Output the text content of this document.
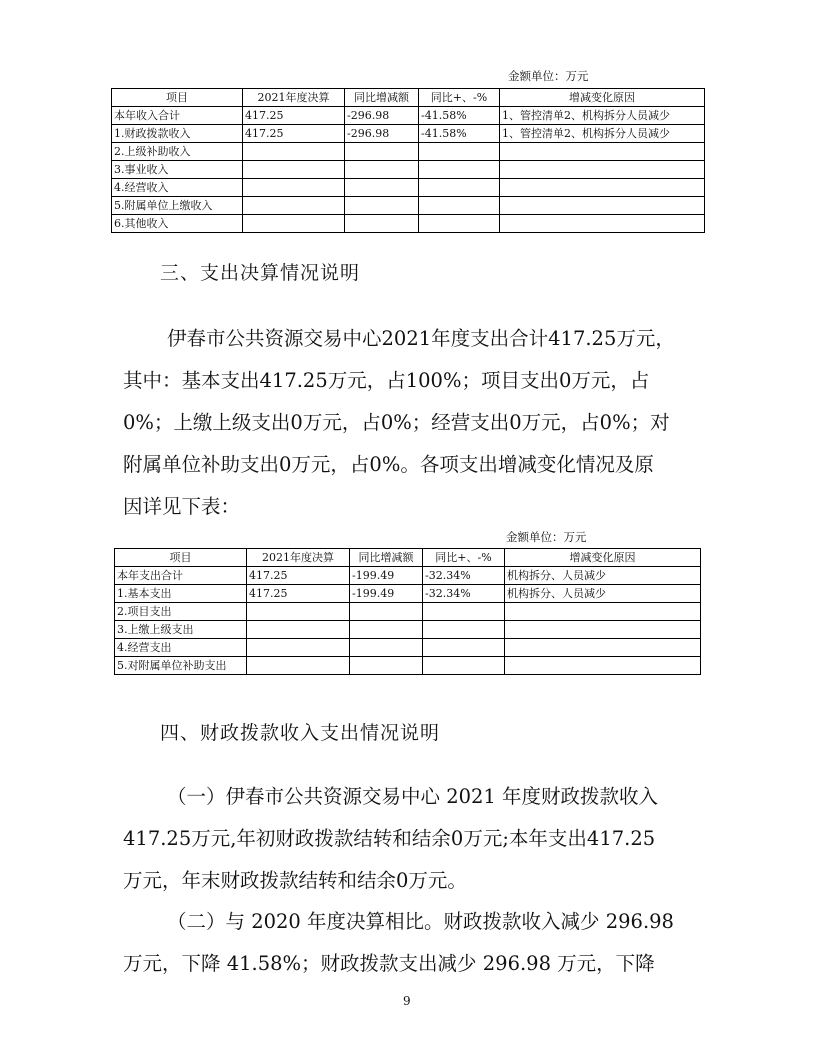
金额单位：万元
项目	2021年度决算	同比增减额	同比+、-%	增减变化原因
本年收入合计	417.25	-296.98	-41.58%	1、管控清单2、机构拆分人员减少
1.财政拨款收入	417.25	-296.98	-41.58%	1、管控清单2、机构拆分人员减少
2.上级补助收入				
3.事业收入				
4.经营收入				
5.附属单位上缴收入				
6.其他收入				
三、支出决算情况说明
伊春市公共资源交易中心2021年度支出合计417.25万元，
其中：基本支出417.25万元，占100%；项目支出0万元，占
0%；上缴上级支出0万元，占0%；经营支出0万元，占0%；对
附属单位补助支出0万元，占0%。各项支出增减变化情况及原
因详见下表：
金额单位：万元
项目	2021年度决算	同比增减额	同比+、-%	增减变化原因
本年支出合计	417.25	-199.49	-32.34%	机构拆分、人员减少
1.基本支出	417.25	-199.49	-32.34%	机构拆分、人员减少
2.项目支出				
3.上缴上级支出				
4.经营支出				
5.对附属单位补助支出				
四、财政拨款收入支出情况说明
（一）伊春市公共资源交易中心 2021 年度财政拨款收入
417.25万元,年初财政拨款结转和结余0万元;本年支出417.25
万元，年末财政拨款结转和结余0万元。
（二）与 2020 年度决算相比。财政拨款收入减少 296.98
万元，下降 41.58%；财政拨款支出减少 296.98 万元，下降
9
